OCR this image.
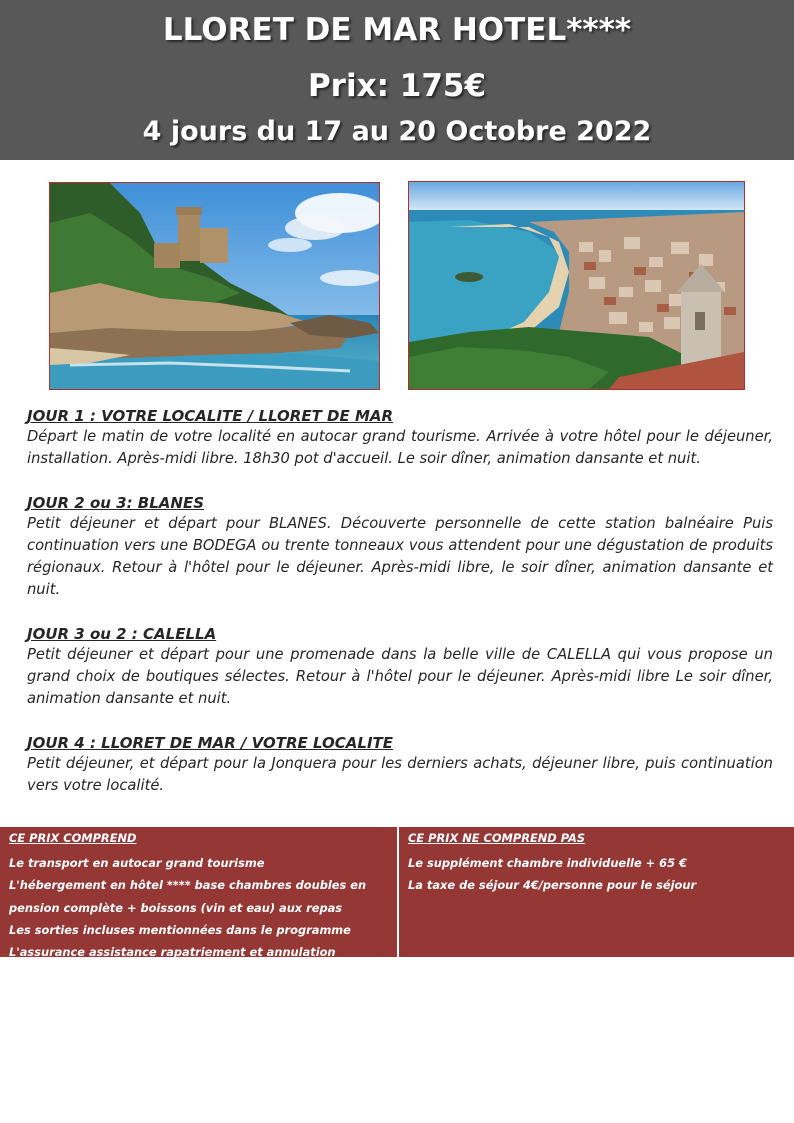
LLORET DE MAR HOTEL****
Prix: 175€
4 jours du 17 au 20 Octobre 2022
JOUR 1 : VOTRE LOCALITE / LLORET DE MAR
Départ le matin de votre localité en autocar grand tourisme. Arrivée à votre hôtel pour le déjeuner, installation. Après-midi libre. 18h30 pot d'accueil. Le soir dîner, animation dansante et nuit.
JOUR 2 ou 3: BLANES
Petit déjeuner et départ pour BLANES. Découverte personnelle de cette station balnéaire Puis continuation vers une BODEGA ou trente tonneaux vous attendent pour une dégustation de produits régionaux. Retour à l'hôtel pour le déjeuner. Après-midi libre, le soir dîner, animation dansante et nuit.
JOUR 3 ou 2 : CALELLA
Petit déjeuner et départ pour une promenade dans la belle ville de CALELLA qui vous propose un grand choix de boutiques sélectes. Retour à l'hôtel pour le déjeuner. Après-midi libre Le soir dîner, animation dansante et nuit.
JOUR 4 : LLORET DE MAR / VOTRE LOCALITE
Petit déjeuner, et départ pour la Jonquera pour les derniers achats, déjeuner libre, puis continuation vers votre localité.
CE PRIX COMPREND
Le transport en autocar grand tourisme
L'hébergement en hôtel **** base chambres doubles en pension complète + boissons (vin et eau) aux repas
Les sorties incluses mentionnées dans le programme
L'assurance assistance rapatriement et annulation
CE PRIX NE COMPREND PAS
Le supplément chambre individuelle + 65 €
La taxe de séjour 4€/personne pour le séjour
